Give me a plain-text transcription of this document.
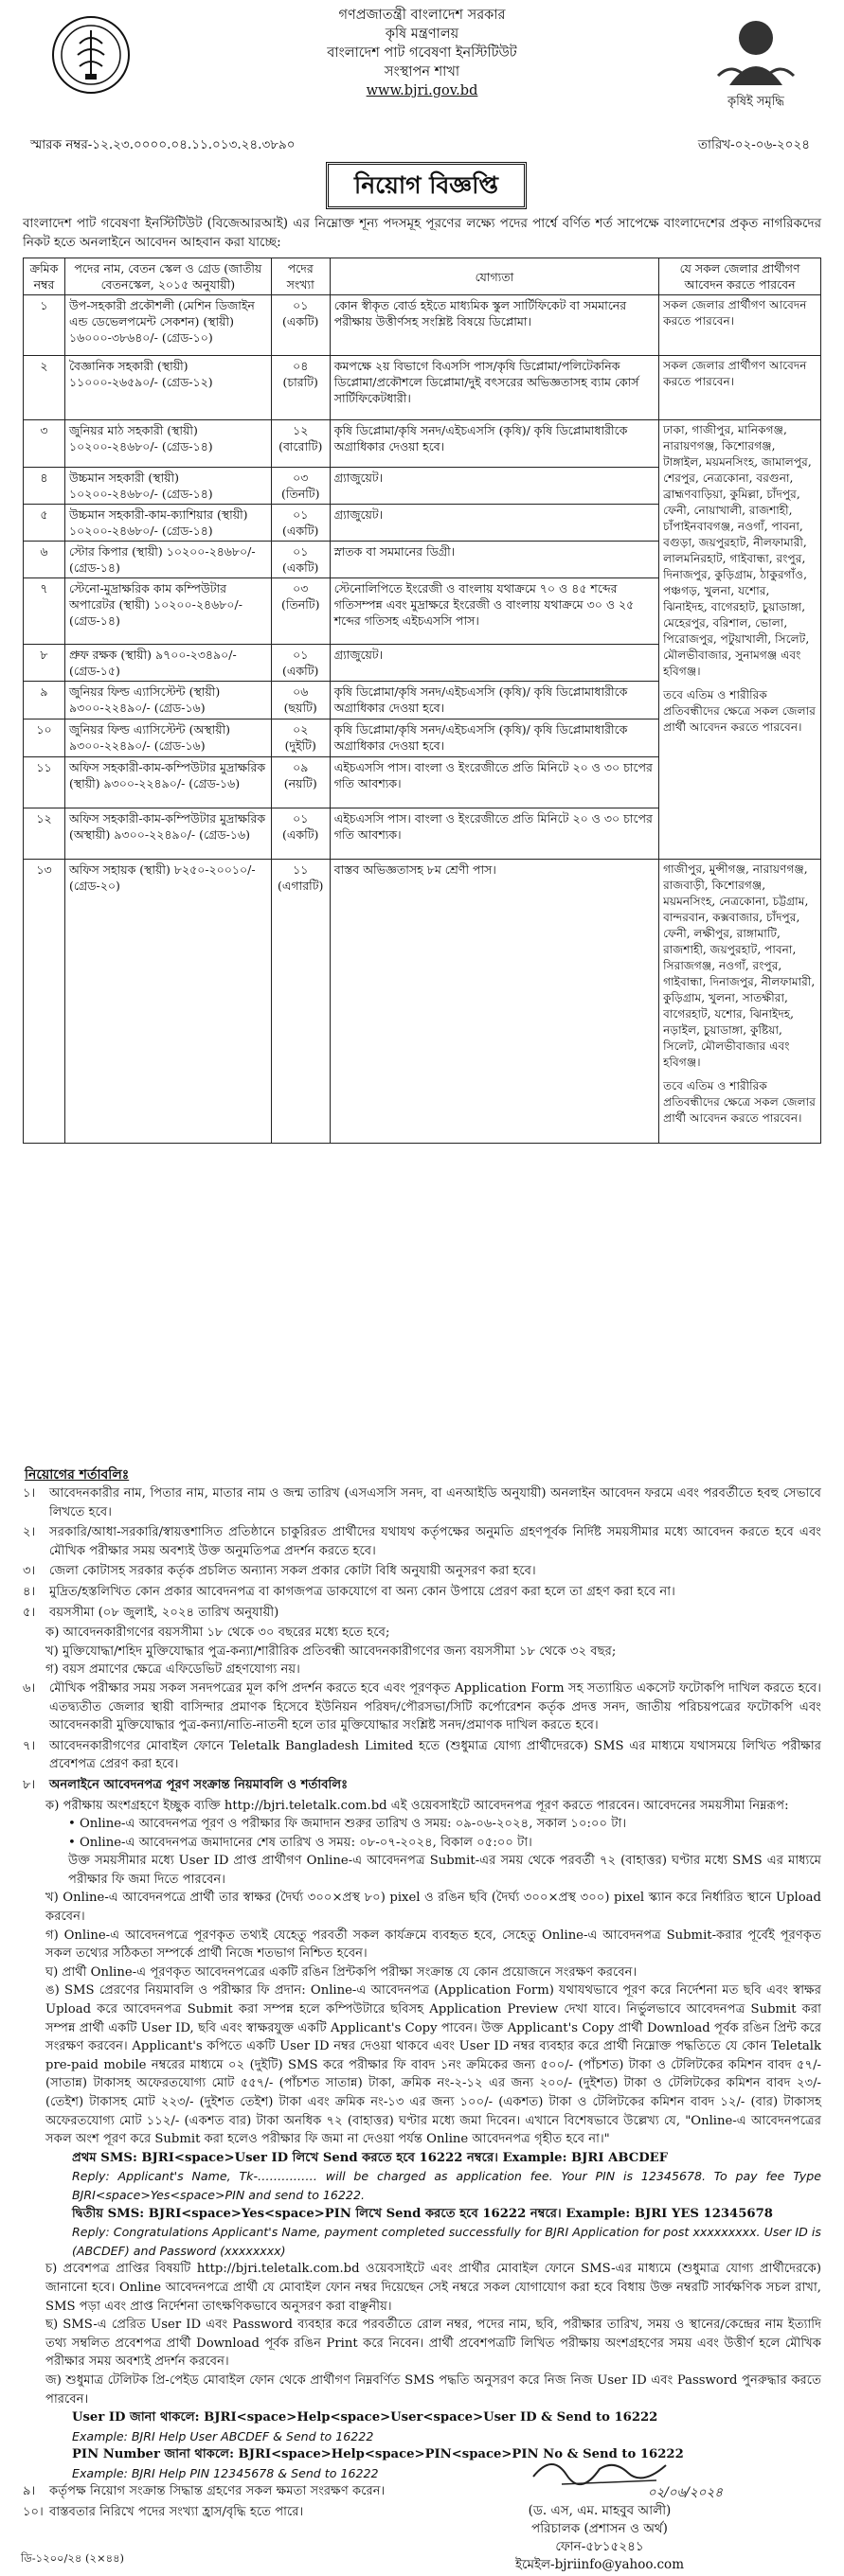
গণপ্রজাতন্ত্রী বাংলাদেশ সরকার
কৃষি মন্ত্রণালয়
বাংলাদেশ পাট গবেষণা ইনস্টিটিউট
সংস্থাপন শাখা
www.bjri.gov.bd
কৃষিই সমৃদ্ধি
স্মারক নম্বর-১২.২৩.০০০০.০৪.১১.০১৩.২৪.৩৮৯০	তারিখ-০২-০৬-২০২৪
নিয়োগ বিজ্ঞপ্তি
বাংলাদেশ পাট গবেষণা ইনস্টিটিউট (বিজেআরআই) এর নিম্নোক্ত শূন্য পদসমূহ পূরণের লক্ষ্যে পদের পার্শ্বে বর্ণিত শর্ত সাপেক্ষে বাংলাদেশের প্রকৃত নাগরিকদের নিকট হতে অনলাইনে আবেদন আহবান করা যাচ্ছে:
ক্রমিক নম্বর	পদের নাম, বেতন স্কেল ও গ্রেড (জাতীয় বেতনস্কেল, ২০১৫ অনুযায়ী)	পদের সংখ্যা	যোগ্যতা	যে সকল জেলার প্রার্থীগণ আবেদন করতে পারবেন
১	উপ-সহকারী প্রকৌশলী (মেশিন ডিজাইন এন্ড ডেভেলপমেন্ট সেকশন) (স্থায়ী) ১৬০০০-৩৮৬৪০/- (গ্রেড-১০)	০১ (একটি)	কোন স্বীকৃত বোর্ড হইতে মাধ্যমিক স্কুল সার্টিফিকেট বা সমমানের পরীক্ষায় উত্তীর্ণসহ সংশ্লিষ্ট বিষয়ে ডিপ্লোমা।	সকল জেলার প্রার্থীগণ আবেদন করতে পারবেন।
২	বৈজ্ঞানিক সহকারী (স্থায়ী) ১১০০০-২৬৫৯০/- (গ্রেড-১২)	০৪ (চারটি)	কমপক্ষে ২য় বিভাগে বিএসসি পাস/কৃষি ডিপ্লোমা/পলিটেকনিক ডিপ্লোমা/প্রকৌশলে ডিপ্লোমা/দুই বৎসরের অভিজ্ঞতাসহ ব্যাম কোর্স সার্টিফিকেটধারী।	সকল জেলার প্রার্থীগণ আবেদন করতে পারবেন।
৩	জুনিয়র মাঠ সহকারী (স্থায়ী) ১০২০০-২৪৬৮০/- (গ্রেড-১৪)	১২ (বারোটি)	কৃষি ডিপ্লোমা/কৃষি সনদ/এইচএসসি (কৃষি)/ কৃষি ডিপ্লোমাধারীকে অগ্রাধিকার দেওয়া হবে।	ঢাকা, গাজীপুর, মানিকগঞ্জ, নারায়ণগঞ্জ, কিশোরগঞ্জ, টাঙ্গাইল, ময়মনসিংহ, জামালপুর, শেরপুর, নেত্রকোনা, বরগুনা, ব্রাহ্মণবাড়িয়া, কুমিল্লা, চাঁদপুর, ফেনী, নোয়াখালী, রাজশাহী, চাঁপাইনবাবগঞ্জ, নওগাঁ, পাবনা, বগুড়া, জয়পুরহাট, নীলফামারী, লালমনিরহাট, গাইবান্ধা, রংপুর, দিনাজপুর, কুড়িগ্রাম, ঠাকুরগাঁও, পঞ্চগড়, খুলনা, যশোর, ঝিনাইদহ, বাগেরহাট, চুয়াডাঙ্গা, মেহেরপুর, বরিশাল, ভোলা, পিরোজপুর, পটুয়াখালী, সিলেট, মৌলভীবাজার, সুনামগঞ্জ এবং হবিগঞ্জ।
তবে এতিম ও শারীরিক প্রতিবন্ধীদের ক্ষেত্রে সকল জেলার প্রার্থী আবেদন করতে পারবেন।

৪	উচ্চমান সহকারী (স্থায়ী) ১০২০০-২৪৬৮০/- (গ্রেড-১৪)	০৩ (তিনটি)	গ্র্যাজুয়েট।	
৫	উচ্চমান সহকারী-কাম-ক্যাশিয়ার (স্থায়ী) ১০২০০-২৪৬৮০/- (গ্রেড-১৪)	০১ (একটি)	গ্র্যাজুয়েট।	
৬	স্টোর কিপার (স্থায়ী) ১০২০০-২৪৬৮০/- (গ্রেড-১৪)	০১ (একটি)	স্নাতক বা সমমানের ডিগ্রী।	
৭	স্টেনো-মুদ্রাক্ষরিক কাম কম্পিউটার অপারেটর (স্থায়ী) ১০২০০-২৪৬৮০/- (গ্রেড-১৪)	০৩ (তিনটি)	স্টেনোলিপিতে ইংরেজী ও বাংলায় যথাক্রমে ৭০ ও ৪৫ শব্দের গতিসম্পন্ন এবং মুদ্রাক্ষরে ইংরেজী ও বাংলায় যথাক্রমে ৩০ ও ২৫ শব্দের গতিসহ এইচএসসি পাস।	
৮	প্রুফ রক্ষক (স্থায়ী) ৯৭০০-২৩৪৯০/- (গ্রেড-১৫)	০১ (একটি)	গ্র্যাজুয়েট।	
৯	জুনিয়র ফিল্ড এ্যাসিস্টেন্ট (স্থায়ী) ৯৩০০-২২৪৯০/- (গ্রেড-১৬)	০৬ (ছয়টি)	কৃষি ডিপ্লোমা/কৃষি সনদ/এইচএসসি (কৃষি)/ কৃষি ডিপ্লোমাধারীকে অগ্রাধিকার দেওয়া হবে।	
১০	জুনিয়র ফিল্ড এ্যাসিস্টেন্ট (অস্থায়ী) ৯৩০০-২২৪৯০/- (গ্রেড-১৬)	০২ (দুইটি)	কৃষি ডিপ্লোমা/কৃষি সনদ/এইচএসসি (কৃষি)/ কৃষি ডিপ্লোমাধারীকে অগ্রাধিকার দেওয়া হবে।	
১১	অফিস সহকারী-কাম-কম্পিউটার মুদ্রাক্ষরিক (স্থায়ী) ৯৩০০-২২৪৯০/- (গ্রেড-১৬)	০৯ (নয়টি)	এইচএসসি পাস। বাংলা ও ইংরেজীতে প্রতি মিনিটে ২০ ও ৩০ চাপের গতি আবশ্যক।	
১২	অফিস সহকারী-কাম-কম্পিউটার মুদ্রাক্ষরিক (অস্থায়ী) ৯৩০০-২২৪৯০/- (গ্রেড-১৬)	০১ (একটি)	এইচএসসি পাস। বাংলা ও ইংরেজীতে প্রতি মিনিটে ২০ ও ৩০ চাপের গতি আবশ্যক।	
১৩	অফিস সহায়ক (স্থায়ী) ৮২৫০-২০০১০/- (গ্রেড-২০)	১১ (এগারটি)	বাস্তব অভিজ্ঞতাসহ ৮ম শ্রেণী পাস।	গাজীপুর, মুন্সীগঞ্জ, নারায়ণগঞ্জ, রাজবাড়ী, কিশোরগঞ্জ, ময়মনসিংহ, নেত্রকোনা, চট্টগ্রাম, বান্দরবান, কক্সবাজার, চাঁদপুর, ফেনী, লক্ষীপুর, রাঙ্গামাটি, রাজশাহী, জয়পুরহাট, পাবনা, সিরাজগঞ্জ, নওগাঁ, রংপুর, গাইবান্ধা, দিনাজপুর, নীলফামারী, কুড়িগ্রাম, খুলনা, সাতক্ষীরা, বাগেরহাট, যশোর, ঝিনাইদহ, নড়াইল, চুয়াডাঙ্গা, কুষ্টিয়া, সিলেট, মৌলভীবাজার এবং হবিগঞ্জ।
তবে এতিম ও শারীরিক প্রতিবন্ধীদের ক্ষেত্রে সকল জেলার প্রার্থী আবেদন করতে পারবেন।
নিয়োগের শর্তাবলিঃ
১।	আবেদনকারীর নাম, পিতার নাম, মাতার নাম ও জন্ম তারিখ (এসএসসি সনদ, বা এনআইডি অনুযায়ী) অনলাইন আবেদন ফরমে এবং পরবর্তীতে হবহু সেভাবে লিখতে হবে।
২।	সরকারি/আধা-সরকারি/স্বায়ত্তশাসিত প্রতিষ্ঠানে চাকুরিরত প্রার্থীদের যথাযথ কর্তৃপক্ষের অনুমতি গ্রহণপূর্বক নির্দিষ্ট সময়সীমার মধ্যে আবেদন করতে হবে এবং মৌখিক পরীক্ষার সময় অবশ্যই উক্ত অনুমতিপত্র প্রদর্শন করতে হবে।
৩।	জেলা কোটাসহ সরকার কর্তৃক প্রচলিত অন্যান্য সকল প্রকার কোটা বিধি অনুযায়ী অনুসরণ করা হবে।
৪।	মুদ্রিত/হস্তলিখিত কোন প্রকার আবেদনপত্র বা কাগজপত্র ডাকযোগে বা অন্য কোন উপায়ে প্রেরণ করা হলে তা গ্রহণ করা হবে না।
৫।	বয়সসীমা (০৮ জুলাই, ২০২৪ তারিখ অনুযায়ী)
ক) আবেদনকারীগণের বয়সসীমা ১৮ থেকে ৩০ বছরের মধ্যে হতে হবে;
খ) মুক্তিযোদ্ধা/শহিদ মুক্তিযোদ্ধার পুত্র-কন্যা/শারীরিক প্রতিবন্ধী আবেদনকারীগণের জন্য বয়সসীমা ১৮ থেকে ৩২ বছর;
গ) বয়স প্রমাণের ক্ষেত্রে এফিডেভিট গ্রহণযোগ্য নয়।
৬।	মৌখিক পরীক্ষার সময় সকল সনদপত্রের মূল কপি প্রদর্শন করতে হবে এবং পূরণকৃত Application Form সহ সত্যায়িত একসেট ফটোকপি দাখিল করতে হবে। এতদ্ব্যতীত জেলার স্থায়ী বাসিন্দার প্রমাণক হিসেবে ইউনিয়ন পরিষদ/পৌরসভা/সিটি কর্পোরেশন কর্তৃক প্রদত্ত সনদ, জাতীয় পরিচয়পত্রের ফটোকপি এবং আবেদনকারী মুক্তিযোদ্ধার পুত্র-কন্যা/নাতি-নাতনী হলে তার মুক্তিযোদ্ধার সংশ্লিষ্ট সনদ/প্রমাণক দাখিল করতে হবে।
৭।	আবেদনকারীগণের মোবাইল ফোনে Teletalk Bangladesh Limited হতে (শুধুমাত্র যোগ্য প্রার্থীদেরকে) SMS এর মাধ্যমে যথাসময়ে লিখিত পরীক্ষার প্রবেশপত্র প্রেরণ করা হবে।
৮।	অনলাইনে আবেদনপত্র পূরণ সংক্রান্ত নিয়মাবলি ও শর্তাবলিঃ
ক) পরীক্ষায় অংশগ্রহণে ইচ্ছুক ব্যক্তি http://bjri.teletalk.com.bd এই ওয়েবসাইটে আবেদনপত্র পূরণ করতে পারবেন। আবেদনের সময়সীমা নিম্নরূপ:
• Online-এ আবেদনপত্র পূরণ ও পরীক্ষার ফি জমাদান শুরুর তারিখ ও সময়: ০৯-০৬-২০২৪, সকাল ১০:০০ টা।
• Online-এ আবেদনপত্র জমাদানের শেষ তারিখ ও সময়: ০৮-০৭-২০২৪, বিকাল ০৫:০০ টা।
উক্ত সময়সীমার মধ্যে User ID প্রাপ্ত প্রার্থীগণ Online-এ আবেদনপত্র Submit-এর সময় থেকে পরবর্তী ৭২ (বাহাত্তর) ঘণ্টার মধ্যে SMS এর মাধ্যমে পরীক্ষার ফি জমা দিতে পারবেন।
খ) Online-এ আবেদনপত্রে প্রার্থী তার স্বাক্ষর (দৈর্ঘ্য ৩০০×প্রস্থ ৮০) pixel ও রঙিন ছবি (দৈর্ঘ্য ৩০০×প্রস্থ ৩০০) pixel স্ক্যান করে নির্ধারিত স্থানে Upload করবেন।
গ) Online-এ আবেদনপত্রে পূরণকৃত তথ্যই যেহেতু পরবর্তী সকল কার্যক্রমে ব্যবহৃত হবে, সেহেতু Online-এ আবেদনপত্র Submit-করার পূর্বেই পূরণকৃত সকল তথ্যের সঠিকতা সম্পর্কে প্রার্থী নিজে শতভাগ নিশ্চিত হবেন।
ঘ) প্রার্থী Online-এ পূরণকৃত আবেদনপত্রের একটি রঙিন প্রিন্টকপি পরীক্ষা সংক্রান্ত যে কোন প্রয়োজনে সংরক্ষণ করবেন।
ঙ) SMS প্রেরণের নিয়মাবলি ও পরীক্ষার ফি প্রদান: Online-এ আবেদনপত্র (Application Form) যথাযথভাবে পূরণ করে নির্দেশনা মত ছবি এবং স্বাক্ষর Upload করে আবেদনপত্র Submit করা সম্পন্ন হলে কম্পিউটারে ছবিসহ Application Preview দেখা যাবে। নির্ভুলভাবে আবেদনপত্র Submit করা সম্পন্ন প্রার্থী একটি User ID, ছবি এবং স্বাক্ষরযুক্ত একটি Applicant's Copy পাবেন। উক্ত Applicant's Copy প্রার্থী Download পূর্বক রঙিন প্রিন্ট করে সংরক্ষণ করবেন। Applicant's কপিতে একটি User ID নম্বর দেওয়া থাকবে এবং User ID নম্বর ব্যবহার করে প্রার্থী নিম্নোক্ত পদ্ধতিতে যে কোন Teletalk pre-paid mobile নম্বরের মাধ্যমে ০২ (দুইটি) SMS করে পরীক্ষার ফি বাবদ ১নং ক্রমিকের জন্য ৫০০/- (পাঁচশত) টাকা ও টেলিটকের কমিশন বাবদ ৫৭/- (সাতান্ন) টাকাসহ অফেরতযোগ্য মোট ৫৫৭/- (পাঁচশত সাতান্ন) টাকা, ক্রমিক নং-২-১২ এর জন্য ২০০/- (দুইশত) টাকা ও টেলিটকের কমিশন বাবদ ২৩/- (তেইশ) টাকাসহ মোট ২২৩/- (দুইশত তেইশ) টাকা এবং ক্রমিক নং-১৩ এর জন্য ১০০/- (একশত) টাকা ও টেলিটকের কমিশন বাবদ ১২/- (বার) টাকাসহ অফেরতযোগ্য মোট ১১২/- (একশত বার) টাকা অনধিক ৭২ (বাহাত্তর) ঘণ্টার মধ্যে জমা দিবেন। এখানে বিশেষভাবে উল্লেখ্য যে, "Online-এ আবেদনপত্রের সকল অংশ পূরণ করে Submit করা হলেও পরীক্ষার ফি জমা না দেওয়া পর্যন্ত Online আবেদনপত্র গৃহীত হবে না।"
প্রথম SMS: BJRI<space>User ID লিখে Send করতে হবে 16222 নম্বরে। Example: BJRI ABCDEF
Reply: Applicant's Name, Tk-…………… will be charged as application fee. Your PIN is 12345678. To pay fee Type BJRI<space>Yes<space>PIN and send to 16222.
দ্বিতীয় SMS: BJRI<space>Yes<space>PIN লিখে Send করতে হবে 16222 নম্বরে। Example: BJRI YES 12345678
Reply: Congratulations Applicant's Name, payment completed successfully for BJRI Application for post xxxxxxxxx. User ID is (ABCDEF) and Password (xxxxxxxx)
চ) প্রবেশপত্র প্রাপ্তির বিষয়টি http://bjri.teletalk.com.bd ওয়েবসাইটে এবং প্রার্থীর মোবাইল ফোনে SMS-এর মাধ্যমে (শুধুমাত্র যোগ্য প্রার্থীদেরকে) জানানো হবে। Online আবেদনপত্রে প্রার্থী যে মোবাইল ফোন নম্বর দিয়েছেন সেই নম্বরে সকল যোগাযোগ করা হবে বিধায় উক্ত নম্বরটি সার্বক্ষণিক সচল রাখা, SMS পড়া এবং প্রাপ্ত নির্দেশনা তাৎক্ষণিকভাবে অনুসরণ করা বাঞ্ছনীয়।
ছ) SMS-এ প্রেরিত User ID এবং Password ব্যবহার করে পরবর্তীতে রোল নম্বর, পদের নাম, ছবি, পরীক্ষার তারিখ, সময় ও স্থানের/কেন্দ্রের নাম ইত্যাদি তথ্য সম্বলিত প্রবেশপত্র প্রার্থী Download পূর্বক রঙিন Print করে নিবেন। প্রার্থী প্রবেশপত্রটি লিখিত পরীক্ষায় অংশগ্রহণের সময় এবং উত্তীর্ণ হলে মৌখিক পরীক্ষার সময় অবশ্যই প্রদর্শন করবেন।
জ) শুধুমাত্র টেলিটক প্রি-পেইড মোবাইল ফোন থেকে প্রার্থীগণ নিম্নবর্ণিত SMS পদ্ধতি অনুসরণ করে নিজ নিজ User ID এবং Password পুনরুদ্ধার করতে পারবেন।
User ID জানা থাকলে: BJRI<space>Help<space>User<space>User ID & Send to 16222
Example: BJRI Help User ABCDEF & Send to 16222
PIN Number জানা থাকলে: BJRI<space>Help<space>PIN<space>PIN No & Send to 16222
Example: BJRI Help PIN 12345678 & Send to 16222
৯।	কর্তৃপক্ষ নিয়োগ সংক্রান্ত সিদ্ধান্ত গ্রহণের সকল ক্ষমতা সংরক্ষণ করেন।
১০। বাস্তবতার নিরিখে পদের সংখ্যা হ্রাস/বৃদ্ধি হতে পারে।
০২/০৬/২০২৪
(ড. এস, এম. মাহবুব আলী)
পরিচালক (প্রশাসন ও অর্থ)
ফোন-৫৮১৫২৪১
ইমেইল-bjriinfo@yahoo.com
ডি-১২০০/২৪ (২×৪৪)
